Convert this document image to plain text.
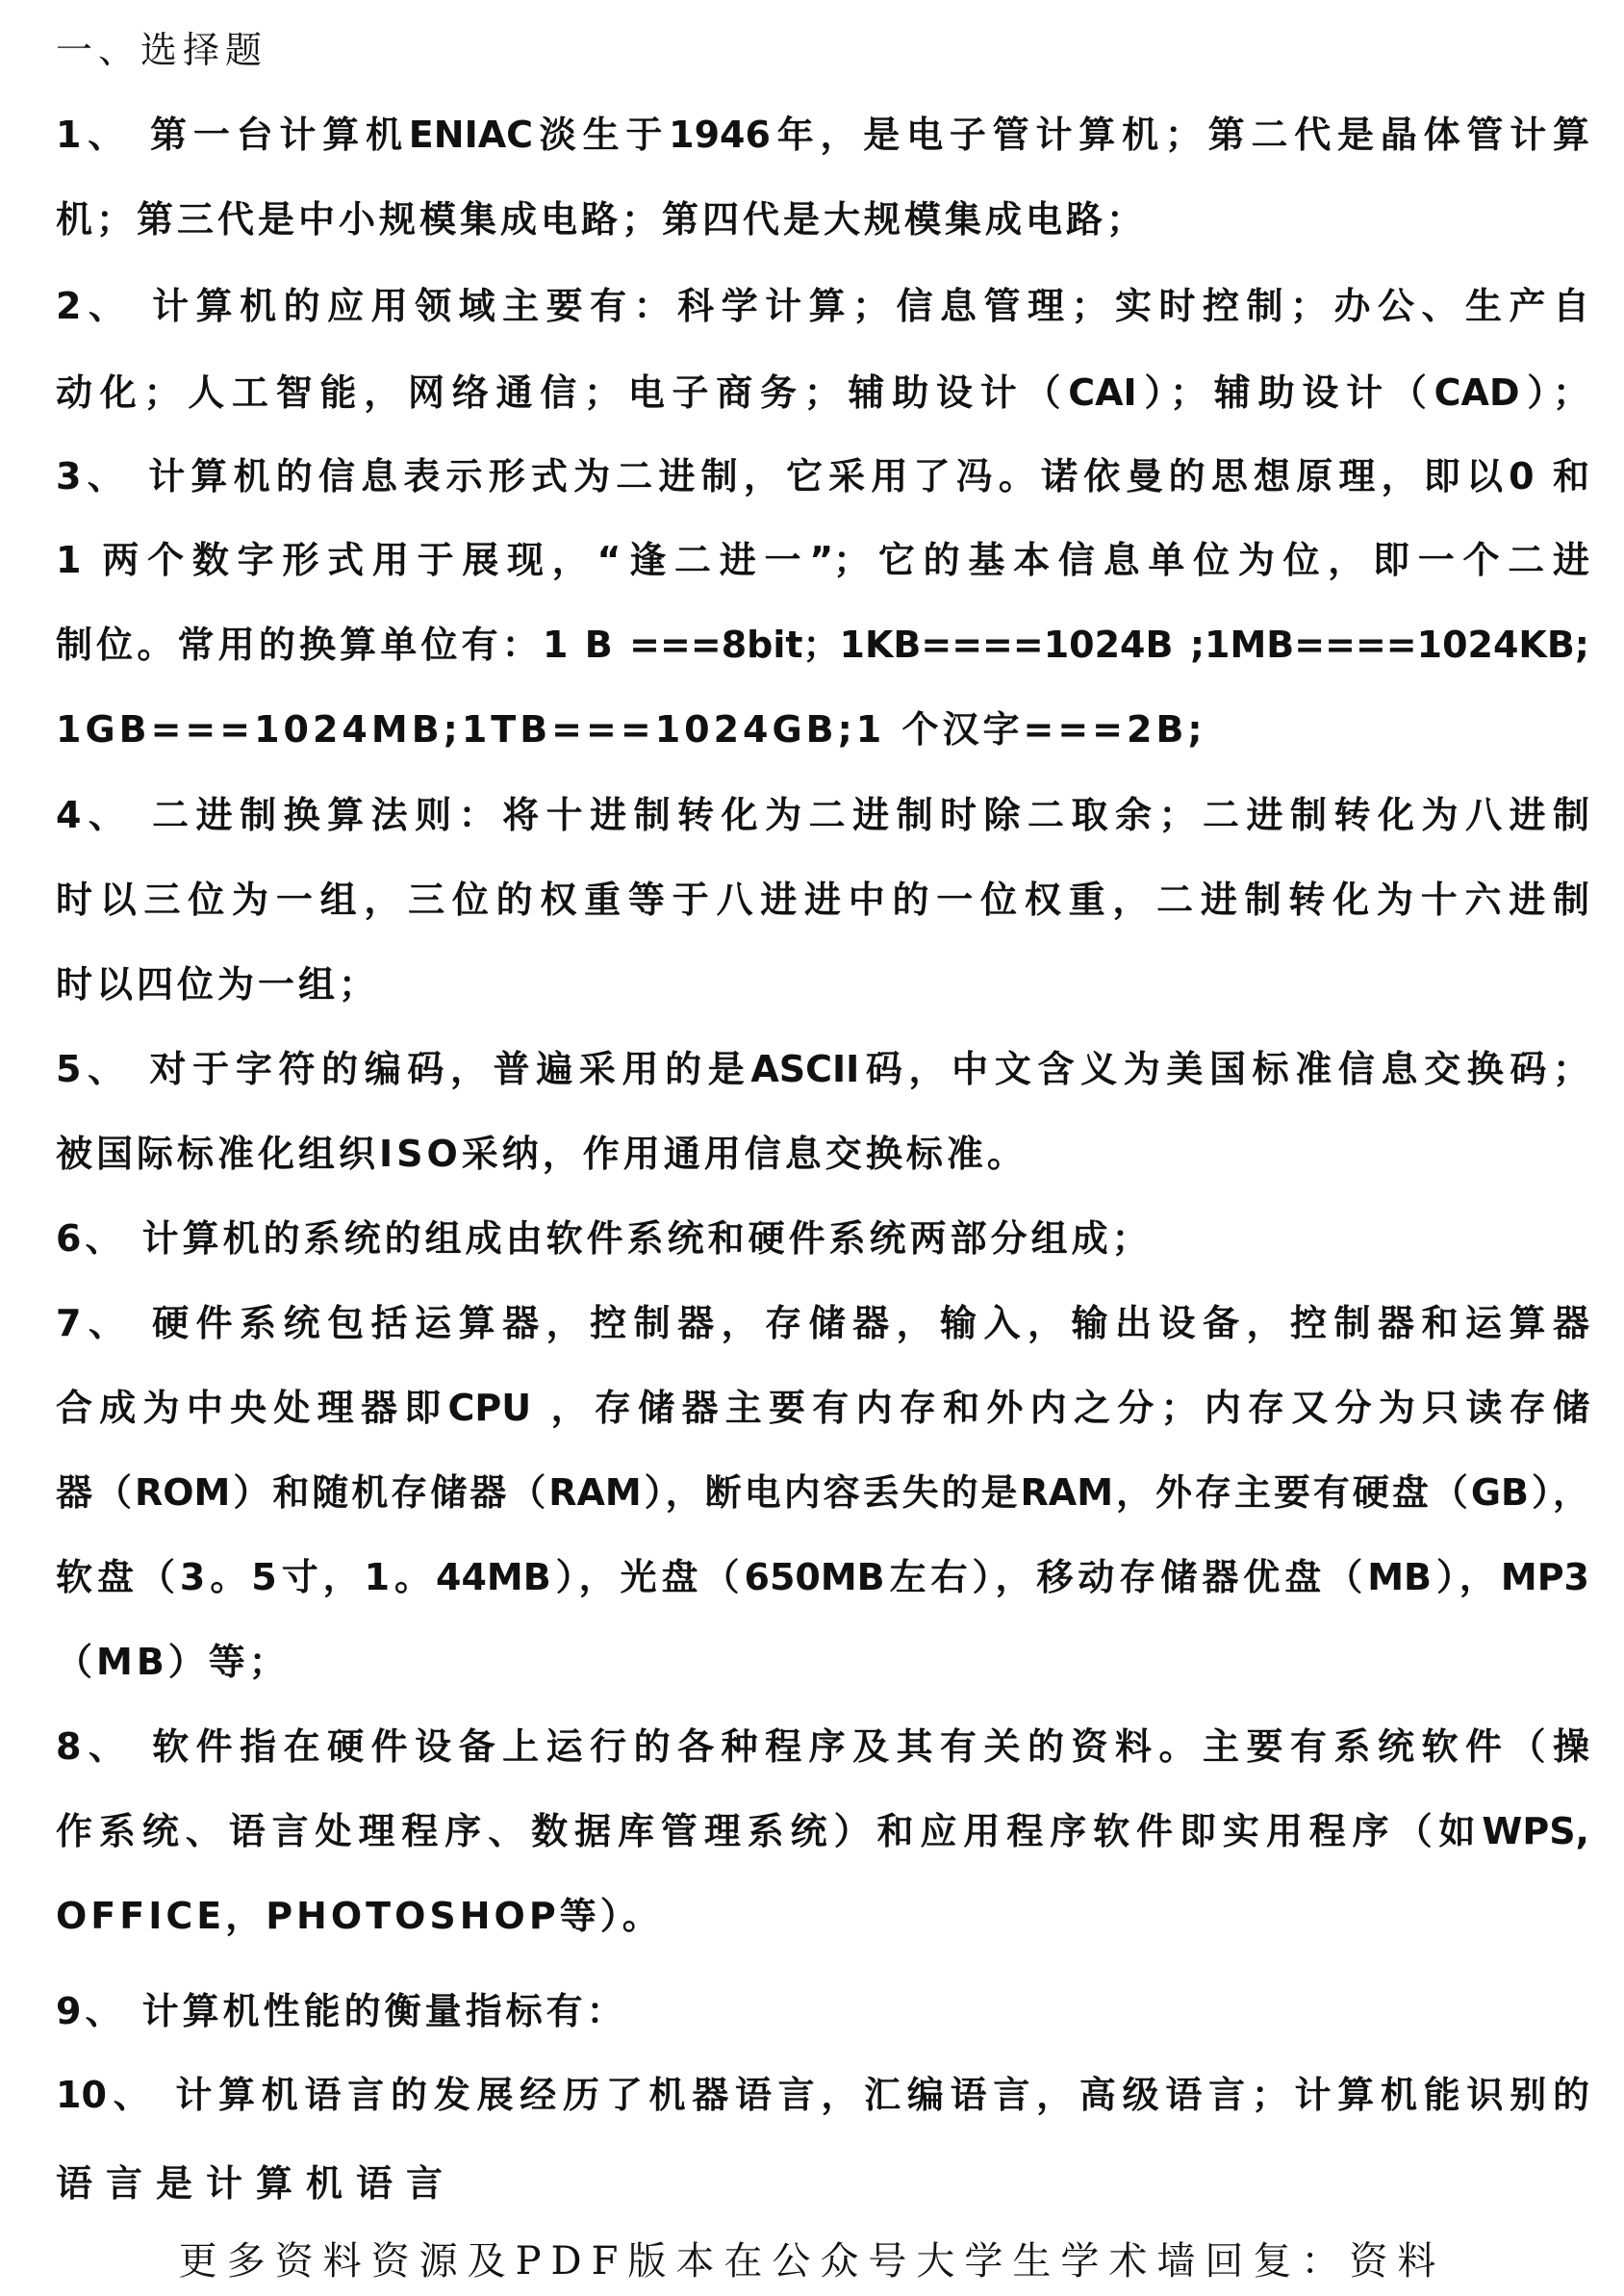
一、选择题
1、 第一台计算机ENIAC淡生于1946年，是电子管计算机；第二代是晶体管计算
机；第三代是中小规模集成电路；第四代是大规模集成电路；
2、 计算机的应用领域主要有：科学计算；信息管理；实时控制；办公、生产自
动化；人工智能，网络通信；电子商务；辅助设计（CAI）；辅助设计（CAD）；
3、 计算机的信息表示形式为二进制，它采用了冯。诺依曼的思想原理，即以0 和
1 两个数字形式用于展现，“逢二进一”；它的基本信息单位为位，即一个二进
制位。常用的换算单位有：1 B ===8bit；1KB====1024B ;1MB====1024KB;
1GB===1024MB;1TB===1024GB;1 个汉字===2B;
4、 二进制换算法则：将十进制转化为二进制时除二取余；二进制转化为八进制
时以三位为一组，三位的权重等于八进进中的一位权重，二进制转化为十六进制
时以四位为一组；
5、 对于字符的编码，普遍采用的是ASCII码，中文含义为美国标准信息交换码；
被国际标准化组织ISO采纳，作用通用信息交换标准。
6、 计算机的系统的组成由软件系统和硬件系统两部分组成；
7、 硬件系统包括运算器，控制器，存储器，输入，输出设备，控制器和运算器
合成为中央处理器即CPU ，存储器主要有内存和外内之分；内存又分为只读存储
器（ROM）和随机存储器（RAM），断电内容丢失的是RAM，外存主要有硬盘（GB），
软盘（3。5寸，1。44MB），光盘（650MB左右），移动存储器优盘（MB），MP3
（MB）等；
8、 软件指在硬件设备上运行的各种程序及其有关的资料。主要有系统软件（操
作系统、语言处理程序、数据库管理系统）和应用程序软件即实用程序（如WPS,
OFFICE，PHOTOSHOP等）。
9、 计算机性能的衡量指标有：
10、 计算机语言的发展经历了机器语言，汇编语言，高级语言；计算机能识别的
语言是计算机语言
更多资料资源及PDF版本在公众号大学生学术墙回复：资料
